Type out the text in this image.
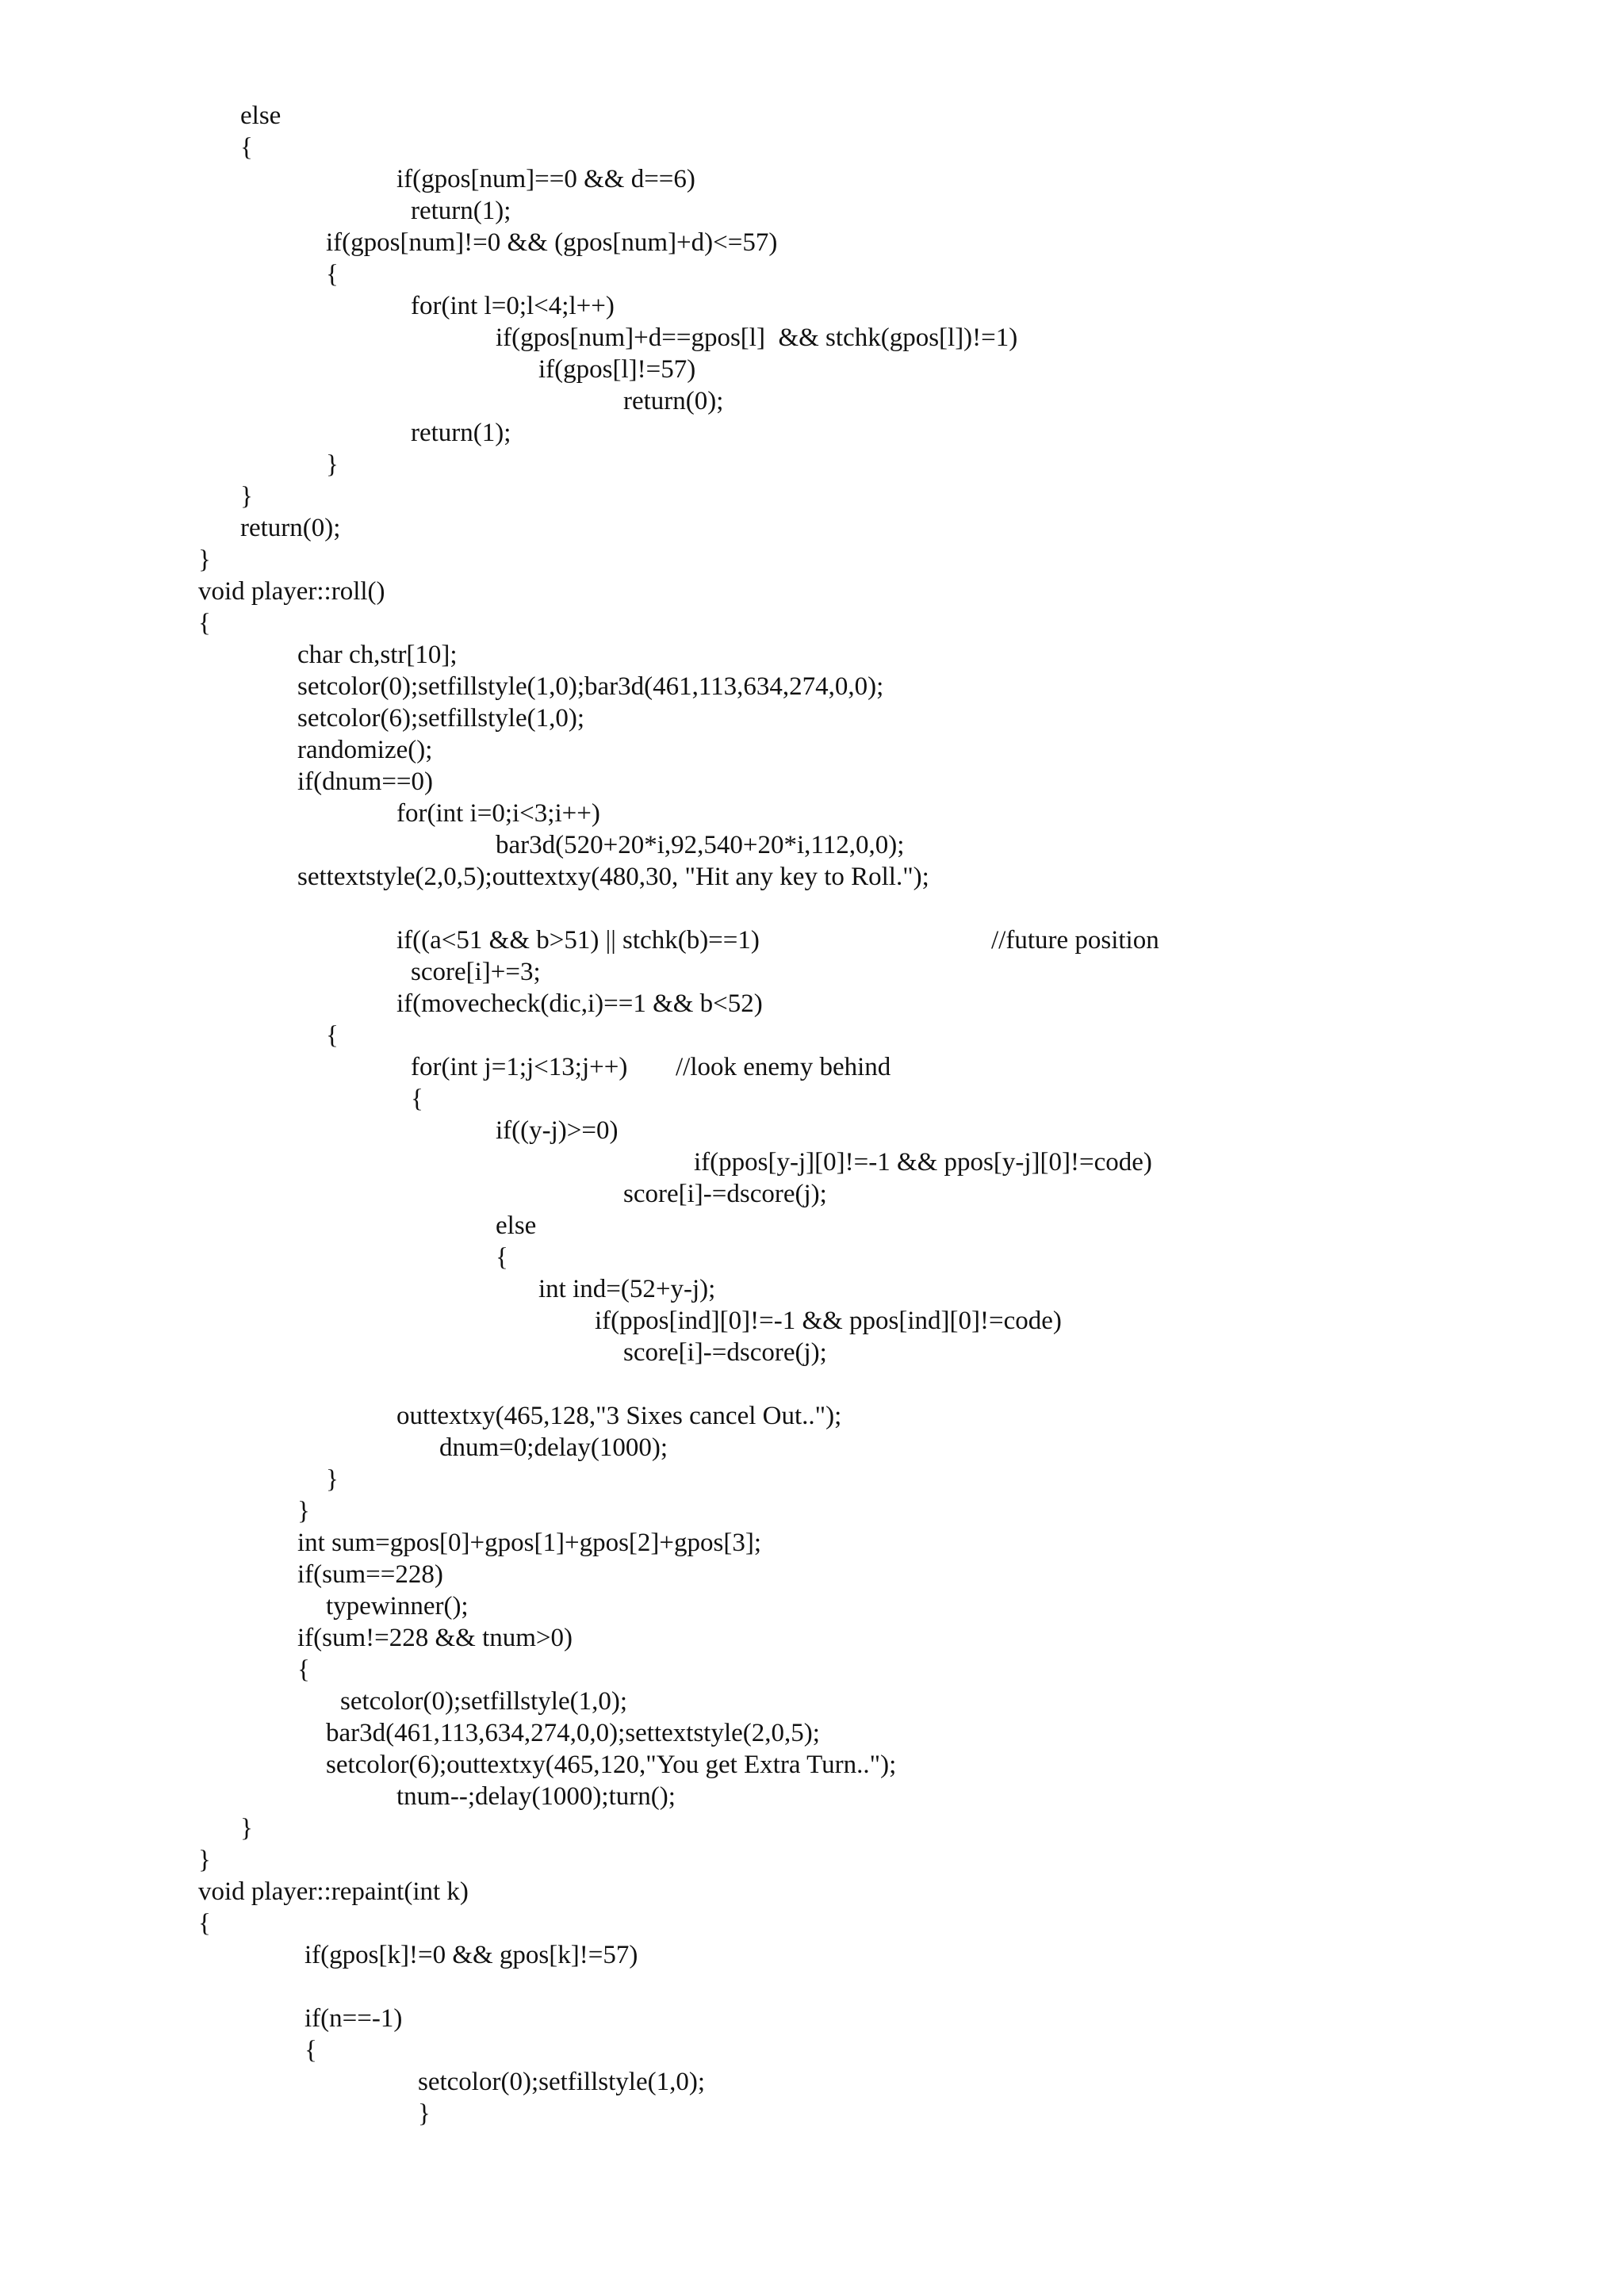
else
{
if(gpos[num]==0 && d==6)
return(1);
if(gpos[num]!=0 && (gpos[num]+d)<=57)
{
for(int l=0;l<4;l++)
if(gpos[num]+d==gpos[l]  && stchk(gpos[l])!=1)
if(gpos[l]!=57)
return(0);
return(1);
}
}
return(0);
}
void player::roll()
{
char ch,str[10];
setcolor(0);setfillstyle(1,0);bar3d(461,113,634,274,0,0);
setcolor(6);setfillstyle(1,0);
randomize();
if(dnum==0)
for(int i=0;i<3;i++)
bar3d(520+20*i,92,540+20*i,112,0,0);
settextstyle(2,0,5);outtextxy(480,30, "Hit any key to Roll.");
if((a<51 && b>51) || stchk(b)==1)	//future position
score[i]+=3;
if(movecheck(dic,i)==1 && b<52)
{
for(int j=1;j<13;j++) //look enemy behind
{
if((y-j)>=0)
if(ppos[y-j][0]!=-1 && ppos[y-j][0]!=code)
score[i]-=dscore(j);
else
{
int ind=(52+y-j);
if(ppos[ind][0]!=-1 && ppos[ind][0]!=code)
score[i]-=dscore(j);
outtextxy(465,128,"3 Sixes cancel Out..");
dnum=0;delay(1000);
}
}
int sum=gpos[0]+gpos[1]+gpos[2]+gpos[3];
if(sum==228)
typewinner();
if(sum!=228 && tnum>0)
{
setcolor(0);setfillstyle(1,0);
bar3d(461,113,634,274,0,0);settextstyle(2,0,5);
setcolor(6);outtextxy(465,120,"You get Extra Turn..");
tnum--;delay(1000);turn();
}
}
void player::repaint(int k)
{
if(gpos[k]!=0 && gpos[k]!=57)
if(n==-1)
{
setcolor(0);setfillstyle(1,0);
}
